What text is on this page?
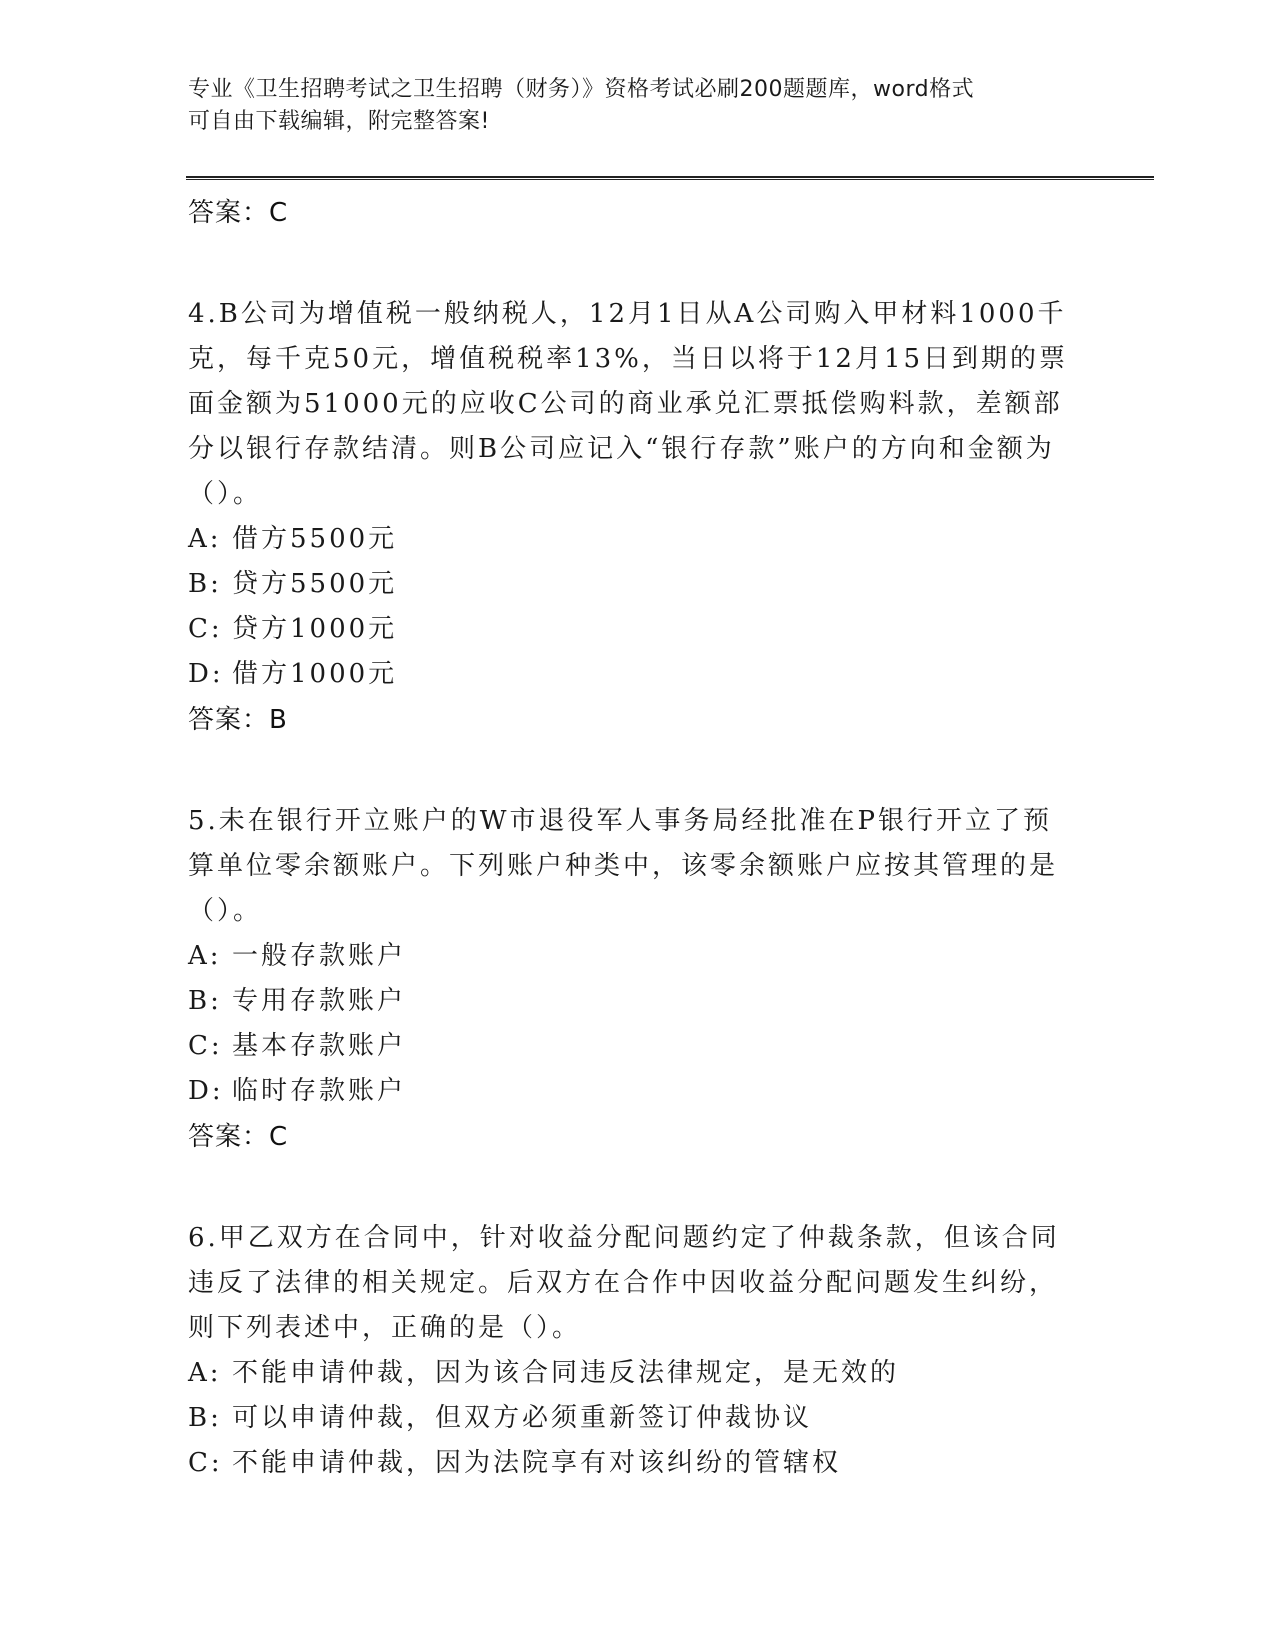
专业《卫生招聘考试之卫生招聘（财务）》资格考试必刷200题题库，word格式
可自由下载编辑，附完整答案!

答案：C

4.B公司为增值税一般纳税人，12月1日从A公司购入甲材料1000千克，每千克50元，增值税税率13%，当日以将于12月15日到期的票面金额为51000元的应收C公司的商业承兑汇票抵偿购料款，差额部分以银行存款结清。则B公司应记入“银行存款”账户的方向和金额为（）。

A: 借方5500元

B: 贷方5500元

C: 贷方1000元

D: 借方1000元

答案：B

5.未在银行开立账户的W市退役军人事务局经批准在P银行开立了预算单位零余额账户。下列账户种类中，该零余额账户应按其管理的是（）。

A: 一般存款账户

B: 专用存款账户

C: 基本存款账户

D: 临时存款账户

答案：C

6.甲乙双方在合同中，针对收益分配问题约定了仲裁条款，但该合同违反了法律的相关规定。后双方在合作中因收益分配问题发生纠纷，则下列表述中，正确的是（）。

A: 不能申请仲裁，因为该合同违反法律规定，是无效的

B: 可以申请仲裁，但双方必须重新签订仲裁协议

C: 不能申请仲裁，因为法院享有对该纠纷的管辖权
